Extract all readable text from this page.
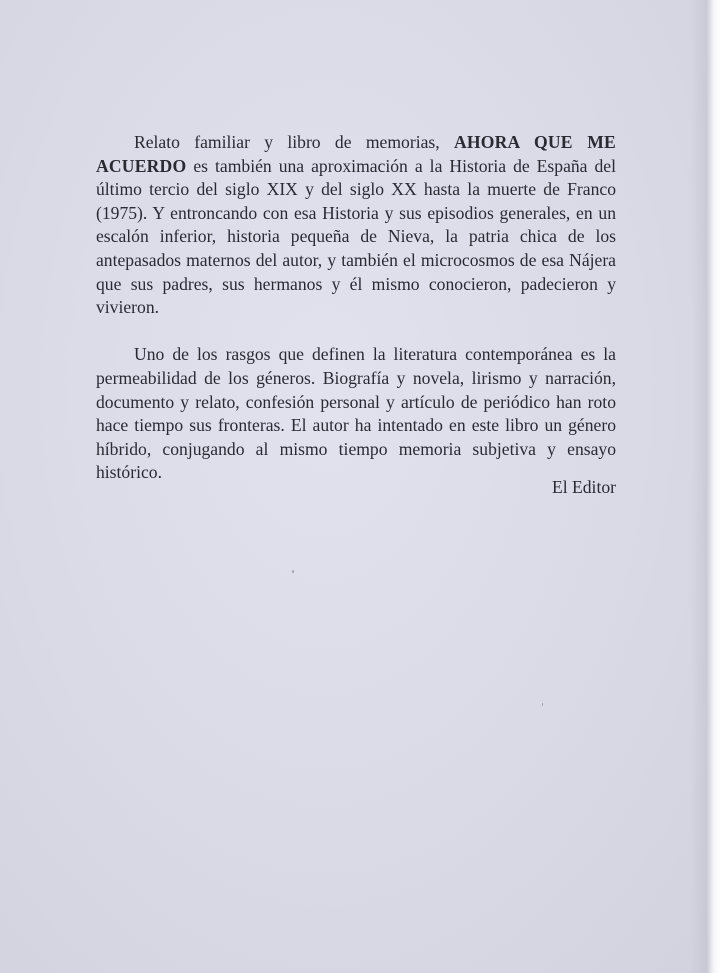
Relato familiar y libro de memorias, AHORA QUE ME ACUERDO es también una aproximación a la Historia de España del último tercio del siglo XIX y del siglo XX hasta la muerte de Franco (1975). Y entroncando con esa Historia y sus episodios generales, en un escalón inferior, historia pequeña de Nieva, la patria chica de los antepasados maternos del autor, y también el microcosmos de esa Nájera que sus padres, sus hermanos y él mismo conocieron, padecieron y vivieron.

Uno de los rasgos que definen la literatura contemporánea es la permeabilidad de los géneros. Biografía y novela, lirismo y narración, documento y relato, confesión personal y artículo de periódico han roto hace tiempo sus fronteras. El autor ha intentado en este libro un género híbrido, conjugando al mismo tiempo memoria subjetiva y ensayo histórico.

El Editor
